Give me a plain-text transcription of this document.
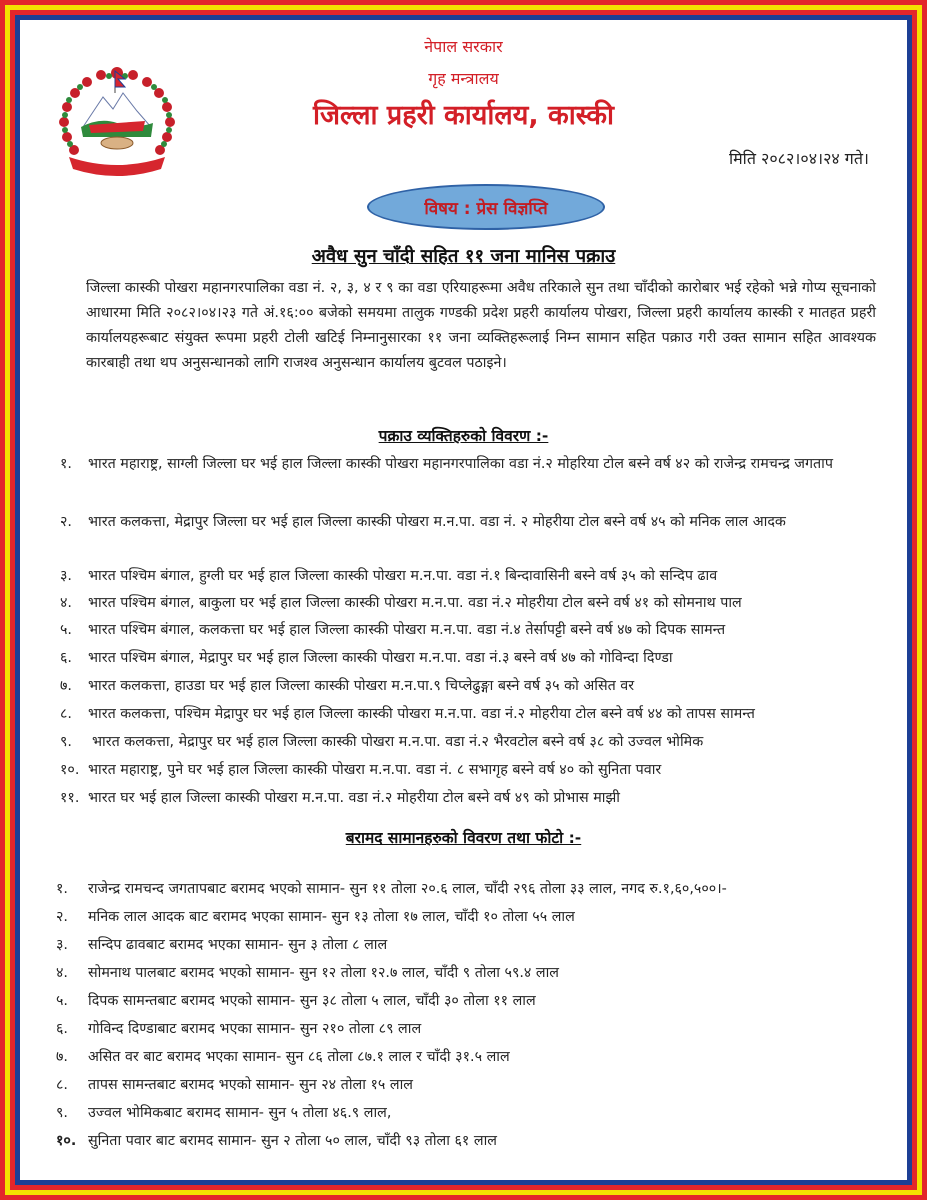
नेपाल सरकार
गृह मन्त्रालय
जिल्ला प्रहरी कार्यालय, कास्की
मिति २०८२।०४।२४ गते।
विषय : प्रेस विज्ञप्ति
अवैध सुन चाँदी सहित ११ जना मानिस पक्राउ
जिल्ला कास्की पोखरा महानगरपालिका वडा नं. २, ३, ४ र ९ का वडा एरियाहरूमा अवैध तरिकाले सुन तथा चाँदीको कारोबार भई रहेको भन्ने गोप्य सूचनाको आधारमा मिति २०८२।०४।२३ गते अं.१६:०० बजेको समयमा तालुक गण्डकी प्रदेश प्रहरी कार्यालय पोखरा, जिल्ला प्रहरी कार्यालय कास्की र मातहत प्रहरी कार्यालयहरूबाट संयुक्त रूपमा प्रहरी टोली खटिई निम्नानुसारका ११ जना व्यक्तिहरूलाई निम्न सामान सहित पक्राउ गरी उक्त सामान सहित आवश्यक कारबाही तथा थप अनुसन्धानको लागि राजश्व अनुसन्धान कार्यालय बुटवल पठाइने।
पक्राउ व्यक्तिहरुको विवरण :-
१.	भारत महाराष्ट्र, साग्ली जिल्ला घर भई हाल जिल्ला कास्की पोखरा महानगरपालिका वडा नं.२ मोहरिया टोल बस्ने वर्ष ४२ को राजेन्द्र रामचन्द्र जगताप
२.	भारत कलकत्ता, मेद्रापुर जिल्ला घर भई हाल जिल्ला कास्की पोखरा म.न.पा. वडा नं. २ मोहरीया टोल बस्ने वर्ष ४५ को मनिक लाल आदक
३.	भारत पश्चिम बंगाल, हुग्ली घर भई हाल जिल्ला कास्की पोखरा म.न.पा. वडा नं.१ बिन्दावासिनी बस्ने वर्ष ३५ को सन्दिप ढाव
४.	भारत पश्चिम बंगाल, बाकुला घर भई हाल जिल्ला कास्की पोखरा म.न.पा. वडा नं.२ मोहरीया टोल बस्ने वर्ष ४१ को सोमनाथ पाल
५.	भारत पश्चिम बंगाल, कलकत्ता घर भई हाल जिल्ला कास्की पोखरा म.न.पा. वडा नं.४ तेर्सापट्टी बस्ने वर्ष ४७ को दिपक सामन्त
६.	भारत पश्चिम बंगाल, मेद्रापुर घर भई हाल जिल्ला कास्की पोखरा म.न.पा. वडा नं.३ बस्ने वर्ष ४७ को गोविन्दा दिण्डा
७.	भारत कलकत्ता, हाउडा घर भई हाल जिल्ला कास्की पोखरा म.न.पा.९ चिप्लेढुङ्गा बस्ने वर्ष ३५ को असित वर
८.	भारत कलकत्ता, पश्चिम मेद्रापुर घर भई हाल जिल्ला कास्की पोखरा म.न.पा. वडा नं.२ मोहरीया टोल बस्ने वर्ष ४४ को तापस सामन्त
९.	भारत कलकत्ता, मेद्रापुर घर भई हाल जिल्ला कास्की पोखरा म.न.पा. वडा नं.२ भैरवटोल बस्ने वर्ष ३८ को उज्वल भोमिक
१०. भारत महाराष्ट्र, पुने घर भई हाल जिल्ला कास्की पोखरा म.न.पा. वडा नं. ८ सभागृह बस्ने वर्ष ४० को सुनिता पवार
११. भारत घर भई हाल जिल्ला कास्की पोखरा म.न.पा. वडा नं.२ मोहरीया टोल बस्ने वर्ष ४९ को प्रोभास माझी
बरामद सामानहरुको विवरण तथा फोटो :-
१.	राजेन्द्र रामचन्द जगतापबाट बरामद भएको सामान- सुन ११ तोला २०.६ लाल, चाँदी २९६ तोला ३३ लाल, नगद रु.१,६०,५००।-
२.	मनिक लाल आदक बाट बरामद भएका सामान- सुन १३ तोला १७ लाल, चाँदी १० तोला ५५ लाल
३.	सन्दिप ढावबाट बरामद भएका सामान- सुन ३ तोला ८ लाल
४.	सोमनाथ पालबाट बरामद भएको सामान- सुन १२ तोला १२.७ लाल, चाँदी ९ तोला ५९.४ लाल
५.	दिपक सामन्तबाट बरामद भएको सामान- सुन ३८ तोला ५ लाल, चाँदी ३० तोला ११ लाल
६.	गोविन्द दिण्डाबाट बरामद भएका सामान- सुन २१० तोला ८९ लाल
७.	असित वर बाट बरामद भएका सामान- सुन ८६ तोला ८७.१ लाल र चाँदी ३१.५ लाल
८.	तापस सामन्तबाट बरामद भएको सामान- सुन २४ तोला १५ लाल
९.	उज्वल भोमिकबाट बरामद सामान- सुन ५ तोला ४६.९ लाल,
१०. सुनिता पवार बाट बरामद सामान- सुन २ तोला ५० लाल, चाँदी ९३ तोला ६१ लाल
